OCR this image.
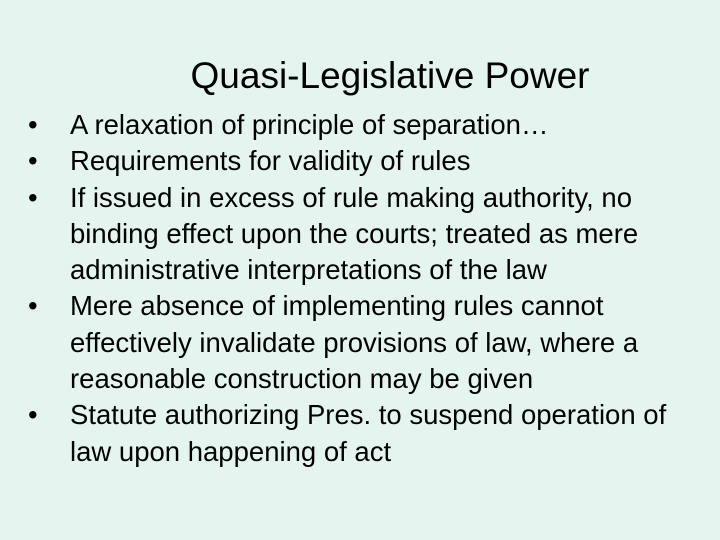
Quasi-Legislative Power
•	A relaxation of principle of separation…
•	Requirements for validity of rules
•	If issued in excess of rule making authority, no binding effect upon the courts; treated as mere administrative interpretations of the law
•	Mere absence of implementing rules cannot effectively invalidate provisions of law, where a reasonable construction may be given
•	Statute authorizing Pres. to suspend operation of law upon happening of act
